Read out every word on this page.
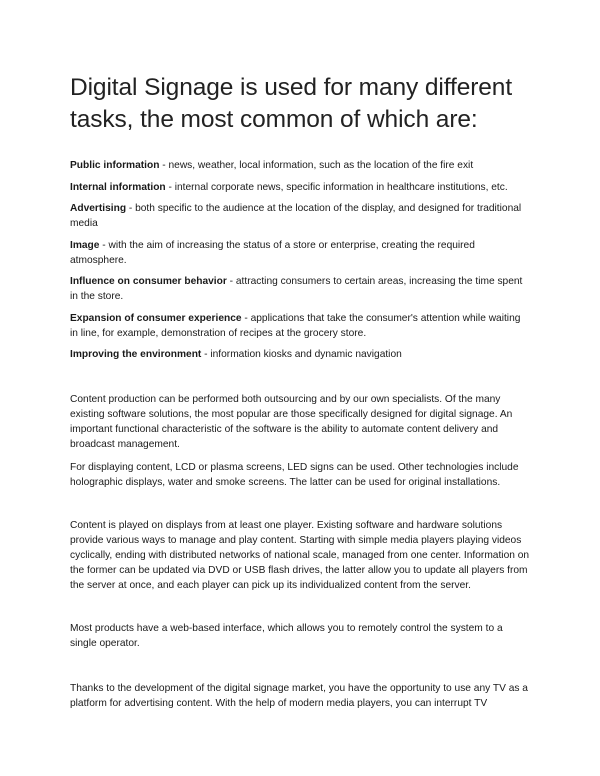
Digital Signage is used for many different tasks, the most common of which are:

Public information - news, weather, local information, such as the location of the fire exit

Internal information - internal corporate news, specific information in healthcare institutions, etc.

Advertising - both specific to the audience at the location of the display, and designed for traditional media

Image - with the aim of increasing the status of a store or enterprise, creating the required atmosphere.

Influence on consumer behavior - attracting consumers to certain areas, increasing the time spent in the store.

Expansion of consumer experience - applications that take the consumer's attention while waiting in line, for example, demonstration of recipes at the grocery store.

Improving the environment - information kiosks and dynamic navigation

Content production can be performed both outsourcing and by our own specialists. Of the many existing software solutions, the most popular are those specifically designed for digital signage. An important functional characteristic of the software is the ability to automate content delivery and broadcast management.

For displaying content, LCD or plasma screens, LED signs can be used. Other technologies include holographic displays, water and smoke screens. The latter can be used for original installations.

Content is played on displays from at least one player. Existing software and hardware solutions provide various ways to manage and play content. Starting with simple media players playing videos cyclically, ending with distributed networks of national scale, managed from one center. Information on the former can be updated via DVD or USB flash drives, the latter allow you to update all players from the server at once, and each player can pick up its individualized content from the server.

Most products have a web-based interface, which allows you to remotely control the system to a single operator.

Thanks to the development of the digital signage market, you have the opportunity to use any TV as a platform for advertising content. With the help of modern media players, you can interrupt TV
